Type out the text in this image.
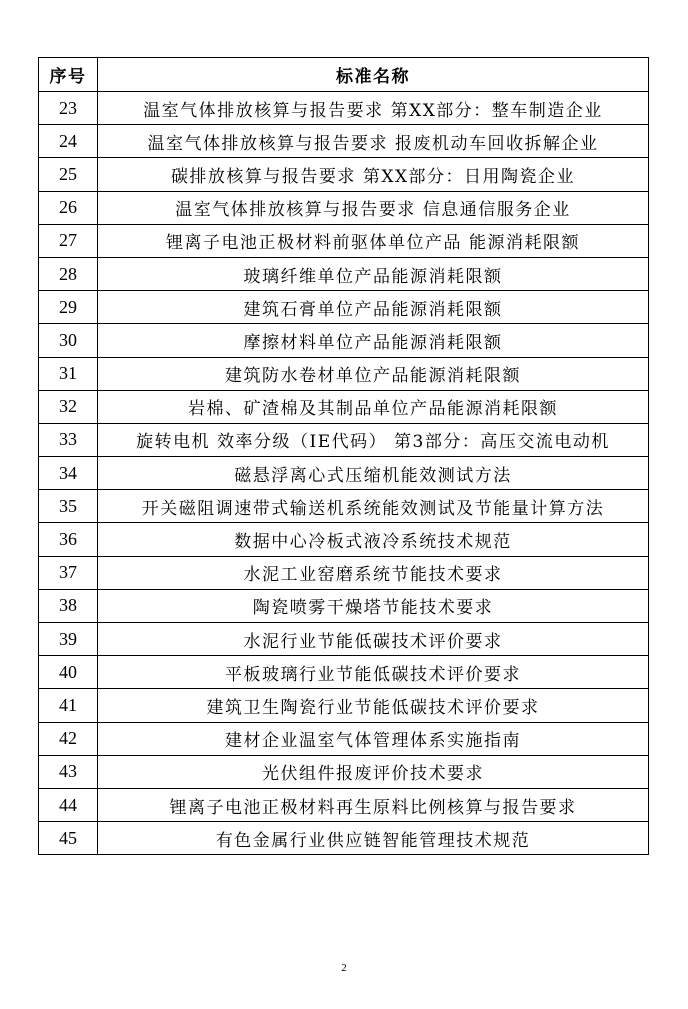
序号	标准名称
23	温室气体排放核算与报告要求 第XX部分：整车制造企业
24	温室气体排放核算与报告要求 报废机动车回收拆解企业
25	碳排放核算与报告要求 第XX部分：日用陶瓷企业
26	温室气体排放核算与报告要求 信息通信服务企业
27	锂离子电池正极材料前驱体单位产品 能源消耗限额
28	玻璃纤维单位产品能源消耗限额
29	建筑石膏单位产品能源消耗限额
30	摩擦材料单位产品能源消耗限额
31	建筑防水卷材单位产品能源消耗限额
32	岩棉、矿渣棉及其制品单位产品能源消耗限额
33	旋转电机 效率分级（IE代码） 第3部分：高压交流电动机
34	磁悬浮离心式压缩机能效测试方法
35	开关磁阻调速带式输送机系统能效测试及节能量计算方法
36	数据中心冷板式液冷系统技术规范
37	水泥工业窑磨系统节能技术要求
38	陶瓷喷雾干燥塔节能技术要求
39	水泥行业节能低碳技术评价要求
40	平板玻璃行业节能低碳技术评价要求
41	建筑卫生陶瓷行业节能低碳技术评价要求
42	建材企业温室气体管理体系实施指南
43	光伏组件报废评价技术要求
44	锂离子电池正极材料再生原料比例核算与报告要求
45	有色金属行业供应链智能管理技术规范
2
